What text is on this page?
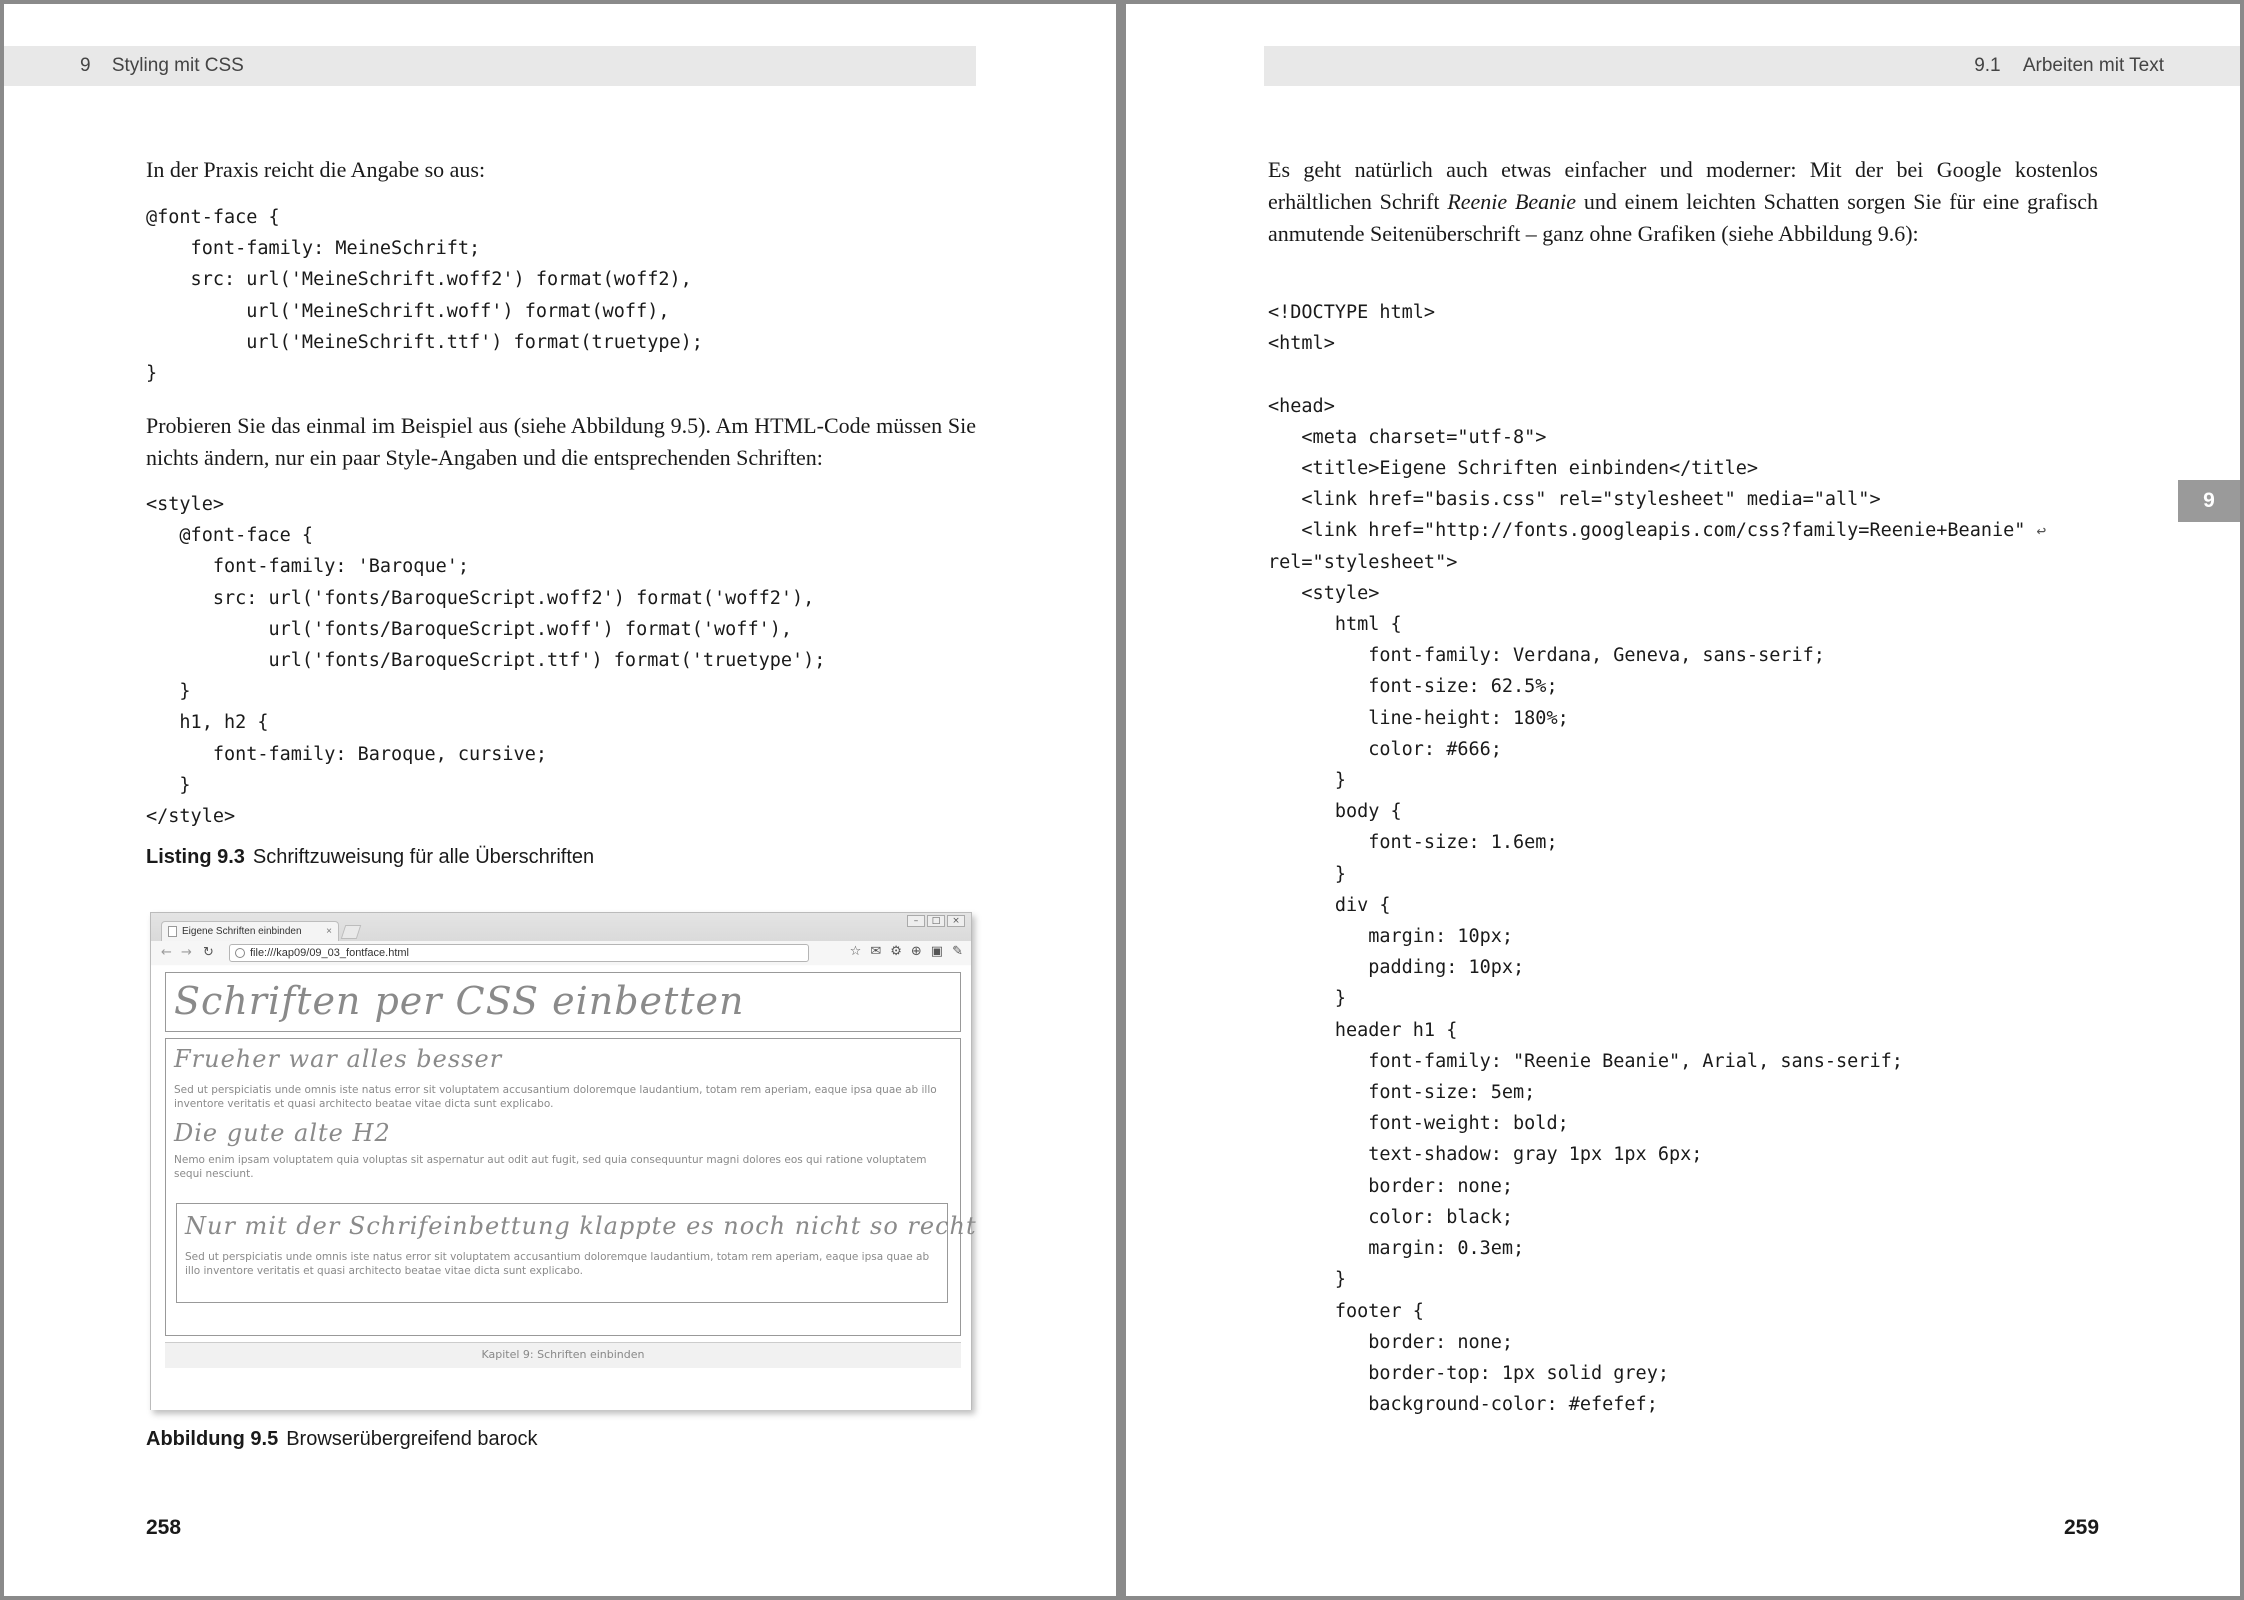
9 Styling mit CSS

In der Praxis reicht die Angabe so aus:

@font-face {
font-family: MeineSchrift;
src: url('MeineSchrift.woff2') format(woff2),
url('MeineSchrift.woff') format(woff),
url('MeineSchrift.ttf') format(truetype);
}

Probieren Sie das einmal im Beispiel aus (siehe Abbildung 9.5). Am HTML-Code müssen Sie nichts ändern, nur ein paar Style-Angaben und die entsprechenden Schriften:

<style>
@font-face {
font-family: 'Baroque';
src: url('fonts/BaroqueScript.woff2') format('woff2'),
url('fonts/BaroqueScript.woff') format('woff'),
url('fonts/BaroqueScript.ttf') format('truetype');
}
h1, h2 {
font-family: Baroque, cursive;
}
</style>
Listing 9.3 Schriftzuweisung für alle Überschriften
Eigene Schriften einbinden ×
– □ ×
← → ↻	file:///kap09/09_03_fontface.html	☆ ✉ ⚙ ⊕ ▣ ✎
Schriften per CSS einbetten
Frueher war alles besser

Sed ut perspiciatis unde omnis iste natus error sit voluptatem accusantium doloremque laudantium, totam rem aperiam, eaque ipsa quae ab illo inventore veritatis et quasi architecto beatae vitae dicta sunt explicabo.

Die gute alte H2

Nemo enim ipsam voluptatem quia voluptas sit aspernatur aut odit aut fugit, sed quia consequuntur magni dolores eos qui ratione voluptatem sequi nesciunt.

Nur mit der Schrifeinbettung klappte es noch nicht so recht

Sed ut perspiciatis unde omnis iste natus error sit voluptatem accusantium doloremque laudantium, totam rem aperiam, eaque ipsa quae ab illo inventore veritatis et quasi architecto beatae vitae dicta sunt explicabo.

Kapitel 9: Schriften einbinden
Abbildung 9.5 Browserübergreifend barock
258
9.1 Arbeiten mit Text
9

Es geht natürlich auch etwas einfacher und moderner: Mit der bei Google kostenlos erhältlichen Schrift Reenie Beanie und einem leichten Schatten sorgen Sie für eine grafisch anmutende Seitenüberschrift – ganz ohne Grafiken (siehe Abbildung 9.6):

<!DOCTYPE html>
<html>

<head>
<meta charset="utf-8">
<title>Eigene Schriften einbinden</title>
<link href="basis.css" rel="stylesheet" media="all">
<link href="http://fonts.googleapis.com/css?family=Reenie+Beanie" ↩
rel="stylesheet">
<style>
html {
font-family: Verdana, Geneva, sans-serif;
font-size: 62.5%;
line-height: 180%;
color: #666;
}
body {
font-size: 1.6em;
}
div {
margin: 10px;
padding: 10px;
}
header h1 {
font-family: "Reenie Beanie", Arial, sans-serif;
font-size: 5em;
font-weight: bold;
text-shadow: gray 1px 1px 6px;
border: none;
color: black;
margin: 0.3em;
}
footer {
border: none;
border-top: 1px solid grey;
background-color: #efefef;
259
